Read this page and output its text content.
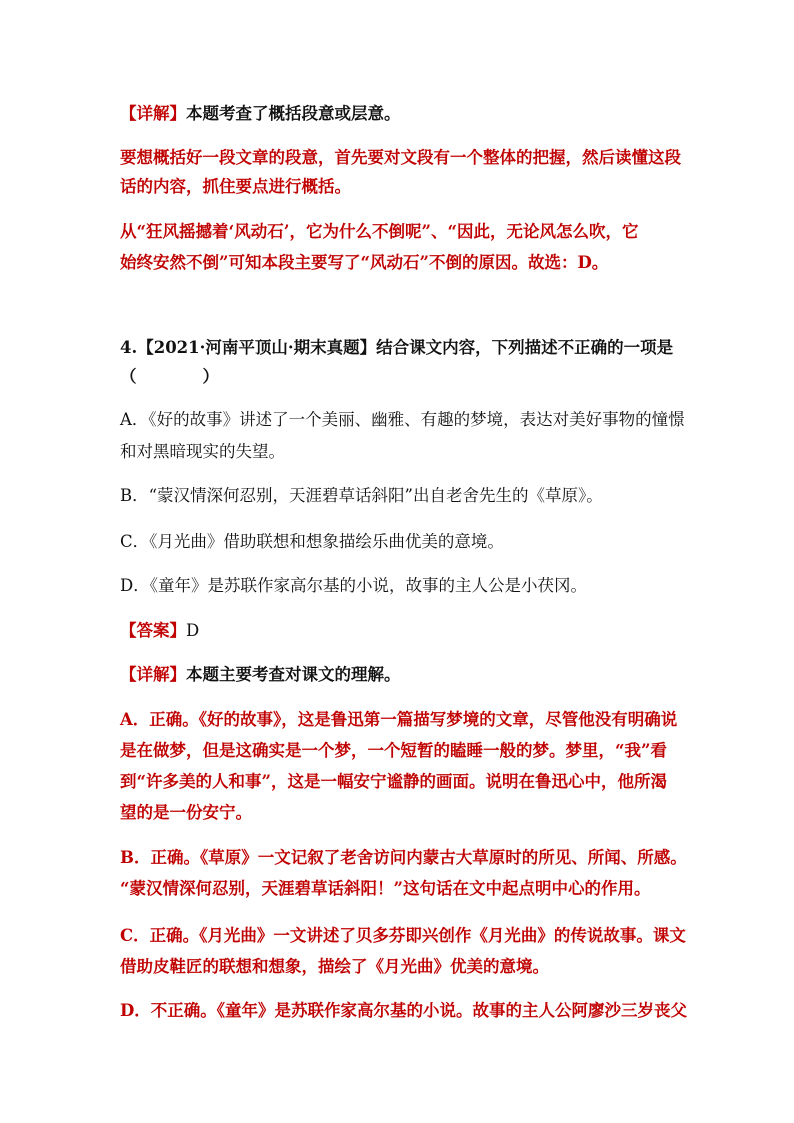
【详解】本题考查了概括段意或层意。
要想概括好一段文章的段意，首先要对文段有一个整体的把握，然后读懂这段
话的内容，抓住要点进行概括。
从“狂风摇撼着‘风动石’，它为什么不倒呢”、“因此，无论风怎么吹，它
始终安然不倒”可知本段主要写了“风动石”不倒的原因。故选：D。
4.【2021·河南平顶山·期末真题】结合课文内容，下列描述不正确的一项是
（　　　　）
A．《好的故事》讲述了一个美丽、幽雅、有趣的梦境，表达对美好事物的憧憬
和对黑暗现实的失望。
B．“蒙汉情深何忍别，天涯碧草话斜阳”出自老舍先生的《草原》。
C．《月光曲》借助联想和想象描绘乐曲优美的意境。
D．《童年》是苏联作家高尔基的小说，故事的主人公是小茯冈。
【答案】D
【详解】本题主要考查对课文的理解。
A．正确。《好的故事》，这是鲁迅第一篇描写梦境的文章，尽管他没有明确说
是在做梦，但是这确实是一个梦，一个短暂的瞌睡一般的梦。梦里，“我”看
到“许多美的人和事”，这是一幅安宁谧静的画面。说明在鲁迅心中，他所渴
望的是一份安宁。
B．正确。《草原》一文记叙了老舍访问内蒙古大草原时的所见、所闻、所感。
“蒙汉情深何忍别，天涯碧草话斜阳！”这句话在文中起点明中心的作用。
C．正确。《月光曲》一文讲述了贝多芬即兴创作《月光曲》的传说故事。课文
借助皮鞋匠的联想和想象，描绘了《月光曲》优美的意境。
D．不正确。《童年》是苏联作家高尔基的小说。故事的主人公阿廖沙三岁丧父
